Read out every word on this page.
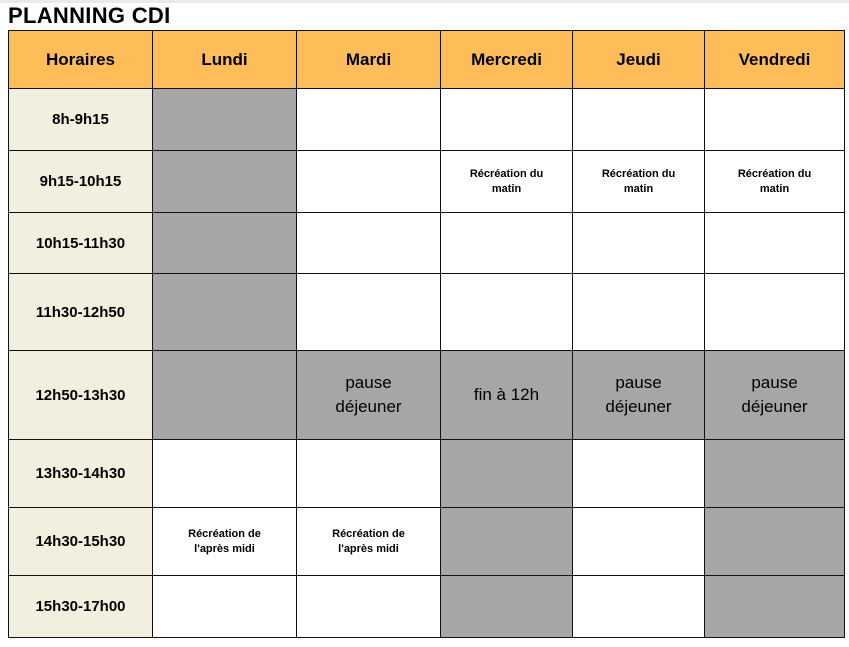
PLANNING CDI
Horaires	Lundi	Mardi	Mercredi	Jeudi	Vendredi
8h-9h15					
9h15-10h15			Récréation du matin	Récréation du matin	Récréation du matin
10h15-11h30					
11h30-12h50					
12h50-13h30		pause déjeuner	fin à 12h	pause déjeuner	pause déjeuner
13h30-14h30					
14h30-15h30	Récréation de l'après midi	Récréation de l'après midi			
15h30-17h00					
